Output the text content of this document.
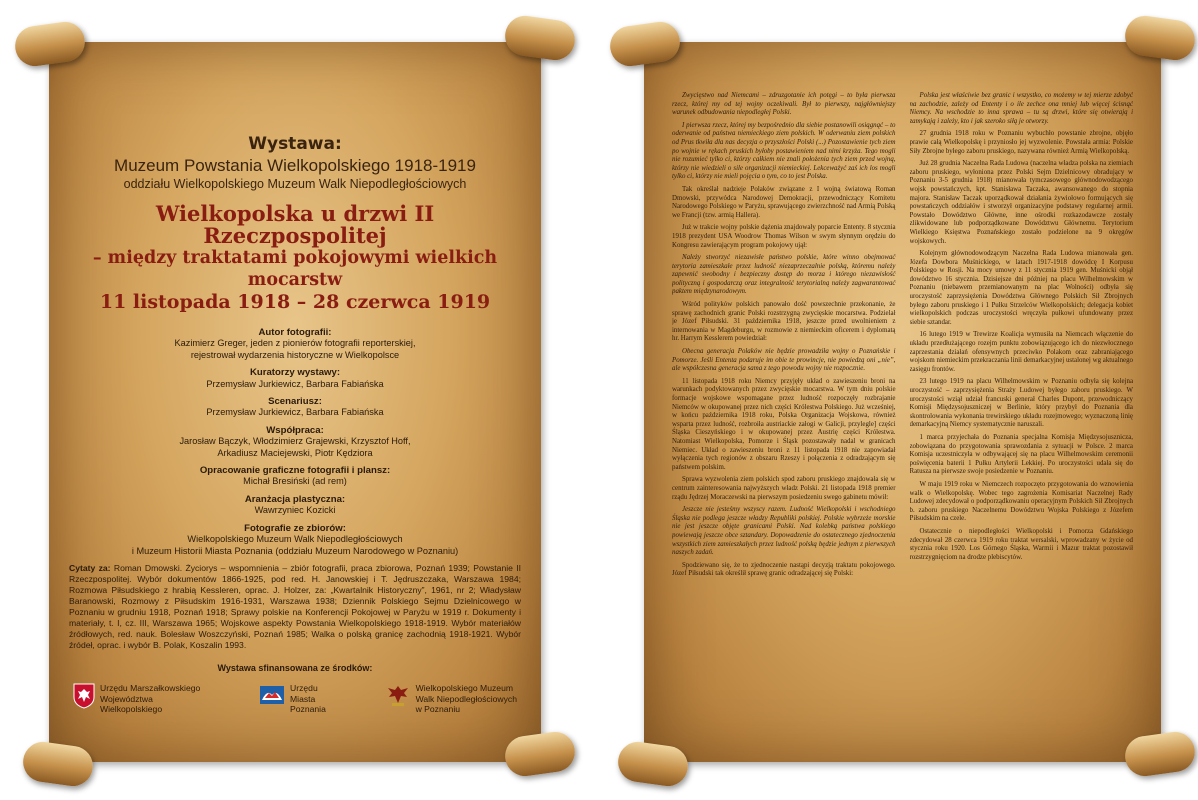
Wystawa:
Muzeum Powstania Wielkopolskiego 1918-1919
oddziału Wielkopolskiego Muzeum Walk Niepodległościowych
Wielkopolska u drzwi II Rzeczpospolitej
– między traktatami pokojowymi wielkich mocarstw
11 listopada 1918 – 28 czerwca 1919
Autor fotografii:
Kazimierz Greger, jeden z pionierów fotografii reporterskiej,
rejestrował wydarzenia historyczne w Wielkopolsce
Kuratorzy wystawy:
Przemysław Jurkiewicz, Barbara Fabiańska
Scenariusz:
Przemysław Jurkiewicz, Barbara Fabiańska
Współpraca:
Jarosław Bączyk, Włodzimierz Grajewski, Krzysztof Hoff,
Arkadiusz Maciejewski, Piotr Kędziora
Opracowanie graficzne fotografii i plansz:
Michał Bresiński (ad rem)
Aranżacja plastyczna:
Wawrzyniec Kozicki
Fotografie ze zbiorów:
Wielkopolskiego Muzeum Walk Niepodległościowych
i Muzeum Historii Miasta Poznania (oddziału Muzeum Narodowego w Poznaniu)
Cytaty za: Roman Dmowski. Życiorys – wspomnienia – zbiór fotografii, praca zbiorowa, Poznań 1939; Powstanie II Rzeczpospolitej. Wybór dokumentów 1866-1925, pod red. H. Janowskiej i T. Jędruszczaka, Warszawa 1984; Rozmowa Piłsudskiego z hrabią Kessleren, oprac. J. Holzer, za: „Kwartalnik Historyczny”, 1961, nr 2; Władysław Baranowski, Rozmowy z Piłsudskim 1916-1931, Warszawa 1938; Dziennik Polskiego Sejmu Dzielnicowego w Poznaniu w grudniu 1918, Poznań 1918; Sprawy polskie na Konferencji Pokojowej w Paryżu w 1919 r. Dokumenty i materiały, t. I, cz. III, Warszawa 1965; Wojskowe aspekty Powstania Wielkopolskiego 1918-1919. Wybór materiałów źródłowych, red. nauk. Bolesław Woszczyński, Poznań 1985; Walka o polską granicę zachodnią 1918-1921. Wybór źródeł, oprac. i wybór B. Polak, Koszalin 1993.
Wystawa sfinansowana ze środków:
Urzędu Marszałkowskiego
Województwa
Wielkopolskiego
Urzędu
Miasta
Poznania
Wielkopolskiego Muzeum
Walk Niepodległościowych
w Poznaniu

Zwycięstwo nad Niemcami – zdruzgotanie ich potęgi – to była pierwsza rzecz, której my od tej wojny oczekiwali. Był to pierwszy, najgłówniejszy warunek odbudowania niepodległej Polski.

I pierwsza rzecz, której my bezpośrednio dla siebie postanowili osiągnąć – to oderwanie od państwa niemieckiego ziem polskich. W oderwaniu ziem polskich od Prus tkwiła dla nas decyzja o przyszłości Polski (...) Pozostawienie tych ziem po wojnie w rękach pruskich byłoby postawieniem nad nimi krzyża. Tego mogli nie rozumieć tylko ci, którzy całkiem nie znali położenia tych ziem przed wojną, którzy nie wiedzieli o sile organizacji niemieckiej. Lekceważyć zaś ich los mogli tylko ci, którzy nie mieli pojęcia o tym, co to jest Polska.

Tak określał nadzieje Polaków związane z I wojną światową Roman Dmowski, przywódca Narodowej Demokracji, przewodniczący Komitetu Narodowego Polskiego w Paryżu, sprawującego zwierzchność nad Armią Polską we Francji (tzw. armią Hallera).

Już w trakcie wojny polskie dążenia znajdowały poparcie Ententy. 8 stycznia 1918 prezydent USA Woodrow Thomas Wilson w swym słynnym orędziu do Kongresu zawierającym program pokojowy ujął:

Należy stworzyć niezawisłe państwo polskie, które winno obejmować terytoria zamieszkałe przez ludność niezaprzeczalnie polską, któremu należy zapewnić swobodny i bezpieczny dostęp do morza i którego niezawisłość polityczną i gospodarczą oraz integralność terytorialną należy zagwarantować paktem międzynarodowym.

Wśród polityków polskich panowało dość powszechnie przekonanie, że sprawę zachodnich granic Polski rozstrzygną zwycięskie mocarstwa. Podzielał je Józef Piłsudski. 31 października 1918, jeszcze przed uwolnieniem z internowania w Magdeburgu, w rozmowie z niemieckim oficerem i dyplomatą hr. Harrym Kesslerem powiedział:

Obecna generacja Polaków nie będzie prowadziła wojny o Poznańskie i Pomorze. Jeśli Ententa podaruje im obie te prowincje, nie powiedzą oni „nie”, ale współczesna generacja sama z tego powodu wojny nie rozpocznie.

11 listopada 1918 roku Niemcy przyjęły układ o zawieszeniu broni na warunkach podyktowanych przez zwycięskie mocarstwa. W tym dniu polskie formacje wojskowe wspomagane przez ludność rozpoczęły rozbrajanie Niemców w okupowanej przez nich części Królestwa Polskiego. Już wcześniej, w końcu października 1918 roku, Polska Organizacja Wojskowa, również wsparta przez ludność, rozbroiła austriackie załogi w Galicji, przylegle] części Śląska Cieszyńskiego i w okupowanej przez Austrię części Królestwa. Natomiast Wielkopolska, Pomorze i Śląsk pozostawały nadal w granicach Niemiec. Układ o zawieszeniu broni z 11 listopada 1918 nie zapowiadał wyłączenia tych regionów z obszaru Rzeszy i połączenia z odradzającym się państwem polskim.

Sprawa wyzwolenia ziem polskich spod zaboru pruskiego znajdowała się w centrum zainteresowania najwyższych władz Polski. 21 listopada 1918 premier rządu Jędrzej Moraczewski na pierwszym posiedzeniu swego gabinetu mówił:

Jeszcze nie jesteśmy wszyscy razem. Ludność Wielkopolski i wschodniego Śląska nie podlega jeszcze władzy Republiki polskiej. Polskie wybrzeże morskie nie jest jeszcze objęte granicami Polski. Nad kolebką państwa polskiego powiewają jeszcze obce sztandary. Dopowadzenie do ostatecznego zjednoczenia wszystkich ziem zamieszkałych przez ludność polską będzie jednym z pierwszych naszych zadań.

Spodziewano się, że to zjednoczenie nastąpi decyzją traktatu pokojowego. Józef Piłsudski tak określił sprawę granic odradzającej się Polski:

Polska jest właściwie bez granic i wszystko, co możemy w tej mierze zdobyć na zachodzie, zależy od Ententy i o ile zechce ona mniej lub więcej ścisnąć Niemcy. Na wschodzie to inna sprawa – tu są drzwi, które się otwierają i zamykają i zależy, kto i jak szeroko siłą je otworzy.

27 grudnia 1918 roku w Poznaniu wybuchło powstanie zbrojne, objęło prawie całą Wielkopolskę i przyniosło jej wyzwolenie. Powstała armia: Polskie Siły Zbrojne byłego zaboru pruskiego, nazywana również Armią Wielkopolską.

Już 28 grudnia Naczelna Rada Ludowa (naczelna władza polska na ziemiach zaboru pruskiego, wyłoniona przez Polski Sejm Dzielnicowy obradujący w Poznaniu 3-5 grudnia 1918) mianowała tymczasowego głównodowodzącego wojsk powstańczych, kpt. Stanisława Taczaka, awansowanego do stopnia majora. Stanisław Taczak uporządkował działania żywiołowo formujących się powstańczych oddziałów i stworzył organizacyjne podstawy regularnej armii. Powstało Dowództwo Główne, inne ośrodki rozkazodawcze zostały zlikwidowane lub podporządkowane Dowództwu Głównemu. Terytorium Wielkiego Księstwa Poznańskiego zostało podzielone na 9 okręgów wojskowych.

Kolejnym głównodowodzącym Naczelna Rada Ludowa mianowała gen. Józefa Dowbora Muśnickiego, w latach 1917-1918 dowódcę I Korpusu Polskiego w Rosji. Na mocy umowy z 11 stycznia 1919 gen. Muśnicki objął dowództwo 16 stycznia. Dzisiejsze dni później na placu Wilhelmowskim w Poznaniu (niebawem przemianowanym na plac Wolności) odbyła się uroczystość zaprzysiężenia Dowództwa Głównego Polskich Sił Zbrojnych byłego zaboru pruskiego i 1 Pułku Strzelców Wielkopolskich; delegacja kobiet wielkopolskich podczas uroczystości wręczyła pułkowi ufundowany przez siebie sztandar.

16 lutego 1919 w Trewirze Koalicja wymusiła na Niemcach włączenie do układu przedłużającego rozejm punktu zobowiązującego ich do niezwłocznego zaprzestania działań ofensywnych przeciwko Polakom oraz zabraniającego wojskom niemieckim przekraczania linii demarkacyjnej ustalonej wg aktualnego zasięgu frontów.

23 lutego 1919 na placu Wilhelmowskim w Poznaniu odbyła się kolejna uroczystość – zaprzysiężenia Straży Ludowej byłego zaboru pruskiego. W uroczystości wziął udział francuski generał Charles Dupont, przewodniczący Komisji Międzysojuszniczej w Berlinie, który przybył do Poznania dla skontrolowania wykonania trewirskiego układu rozejmowego; wyznaczoną linię demarkacyjną Niemcy systematycznie naruszali.

1 marca przyjechała do Poznania specjalna Komisja Międzysojusznicza, zobowiązana do przygotowania sprawozdania z sytuacji w Polsce. 2 marca Komisja uczestniczyła w odbywającej się na placu Wilhelmowskim ceremonii poświęcenia baterii 1 Pułku Artylerii Lekkiej. Po uroczystości udała się do Ratusza na pierwsze swoje posiedzenie w Poznaniu.

W maju 1919 roku w Niemczech rozpoczęto przygotowania do wznowienia walk o Wielkopolskę. Wobec tego zagrożenia Komisariat Naczelnej Rady Ludowej zdecydował o podporządkowaniu operacyjnym Polskich Sił Zbrojnych b. zaboru pruskiego Naczelnemu Dowództwu Wojska Polskiego z Józefem Piłsudskim na czele.

Ostatecznie o niepodległości Wielkopolski i Pomorza Gdańskiego zdecydował 28 czerwca 1919 roku traktat wersalski, wprowadzany w życie od stycznia roku 1920. Los Górnego Śląska, Warmii i Mazur traktat pozostawił rozstrzygnięciom na drodze plebiscytów.
